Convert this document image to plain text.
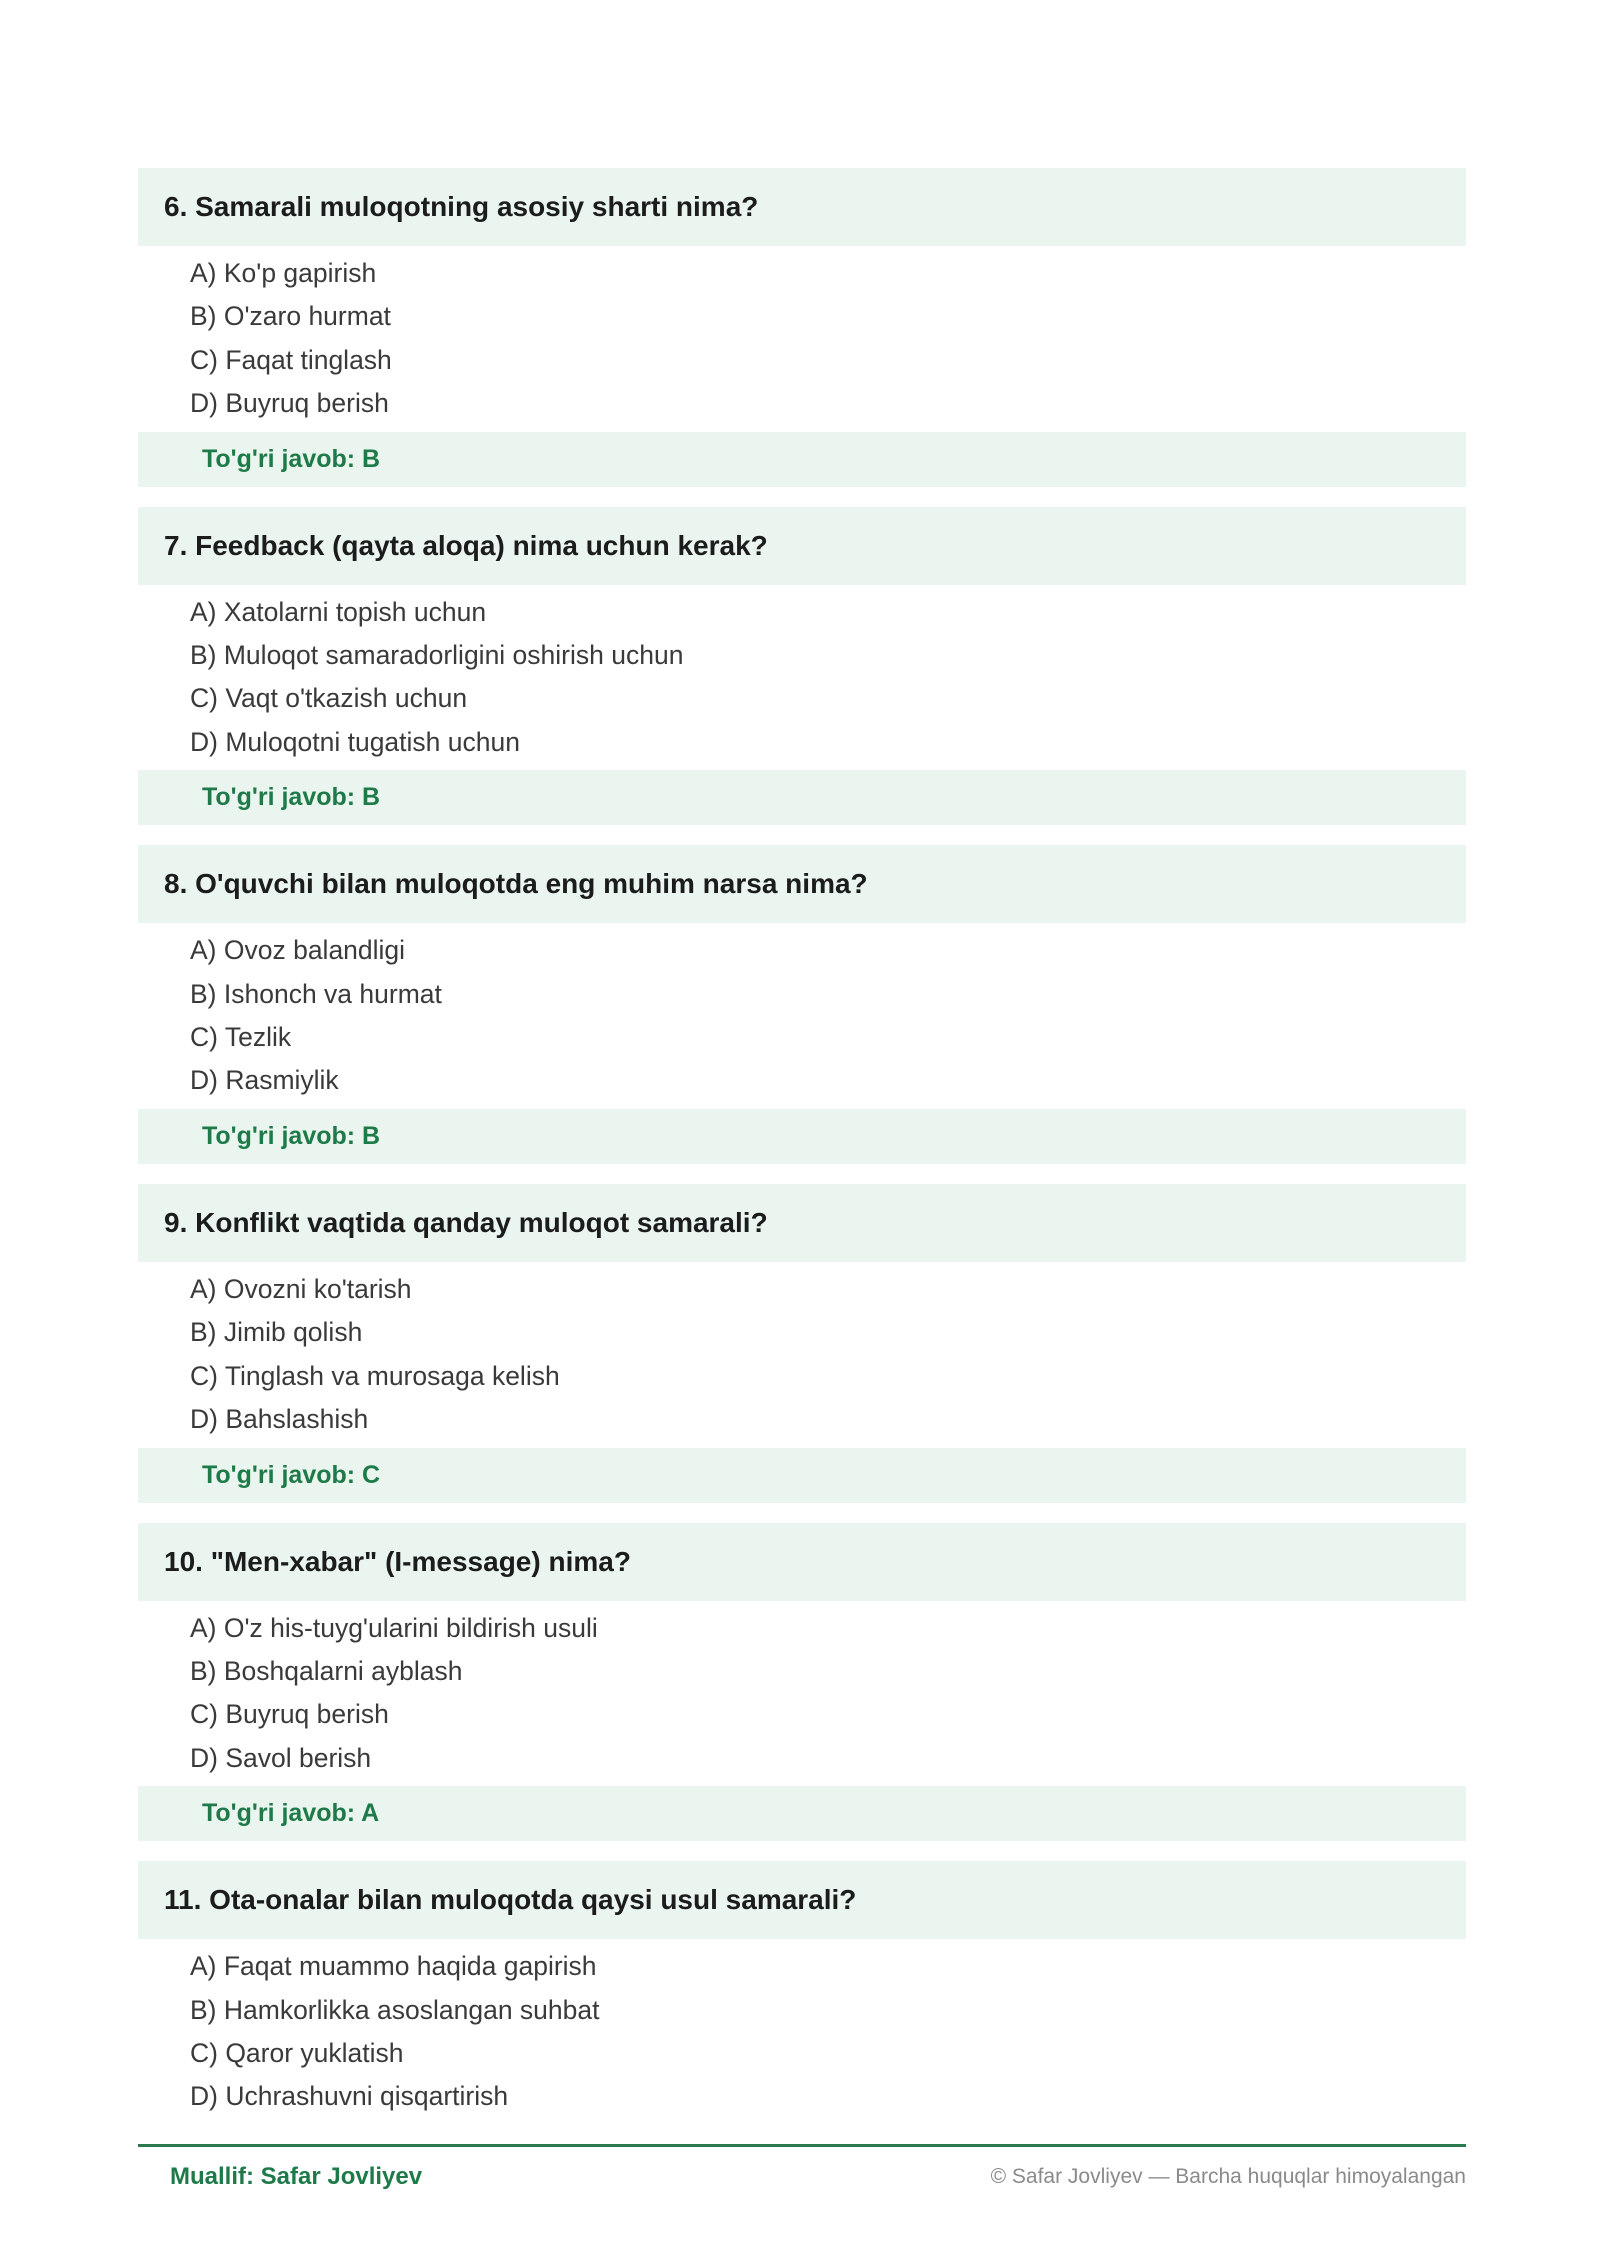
6. Samarali muloqotning asosiy sharti nima?
A) Ko'p gapirish
B) O'zaro hurmat
C) Faqat tinglash
D) Buyruq berish
To'g'ri javob: B
7. Feedback (qayta aloqa) nima uchun kerak?
A) Xatolarni topish uchun
B) Muloqot samaradorligini oshirish uchun
C) Vaqt o'tkazish uchun
D) Muloqotni tugatish uchun
To'g'ri javob: B
8. O'quvchi bilan muloqotda eng muhim narsa nima?
A) Ovoz balandligi
B) Ishonch va hurmat
C) Tezlik
D) Rasmiylik
To'g'ri javob: B
9. Konflikt vaqtida qanday muloqot samarali?
A) Ovozni ko'tarish
B) Jimib qolish
C) Tinglash va murosaga kelish
D) Bahslashish
To'g'ri javob: C
10. "Men-xabar" (I-message) nima?
A) O'z his-tuyg'ularini bildirish usuli
B) Boshqalarni ayblash
C) Buyruq berish
D) Savol berish
To'g'ri javob: A
11. Ota-onalar bilan muloqotda qaysi usul samarali?
A) Faqat muammo haqida gapirish
B) Hamkorlikka asoslangan suhbat
C) Qaror yuklatish
D) Uchrashuvni qisqartirish
Muallif: Safar Jovliyev	© Safar Jovliyev — Barcha huquqlar himoyalangan
